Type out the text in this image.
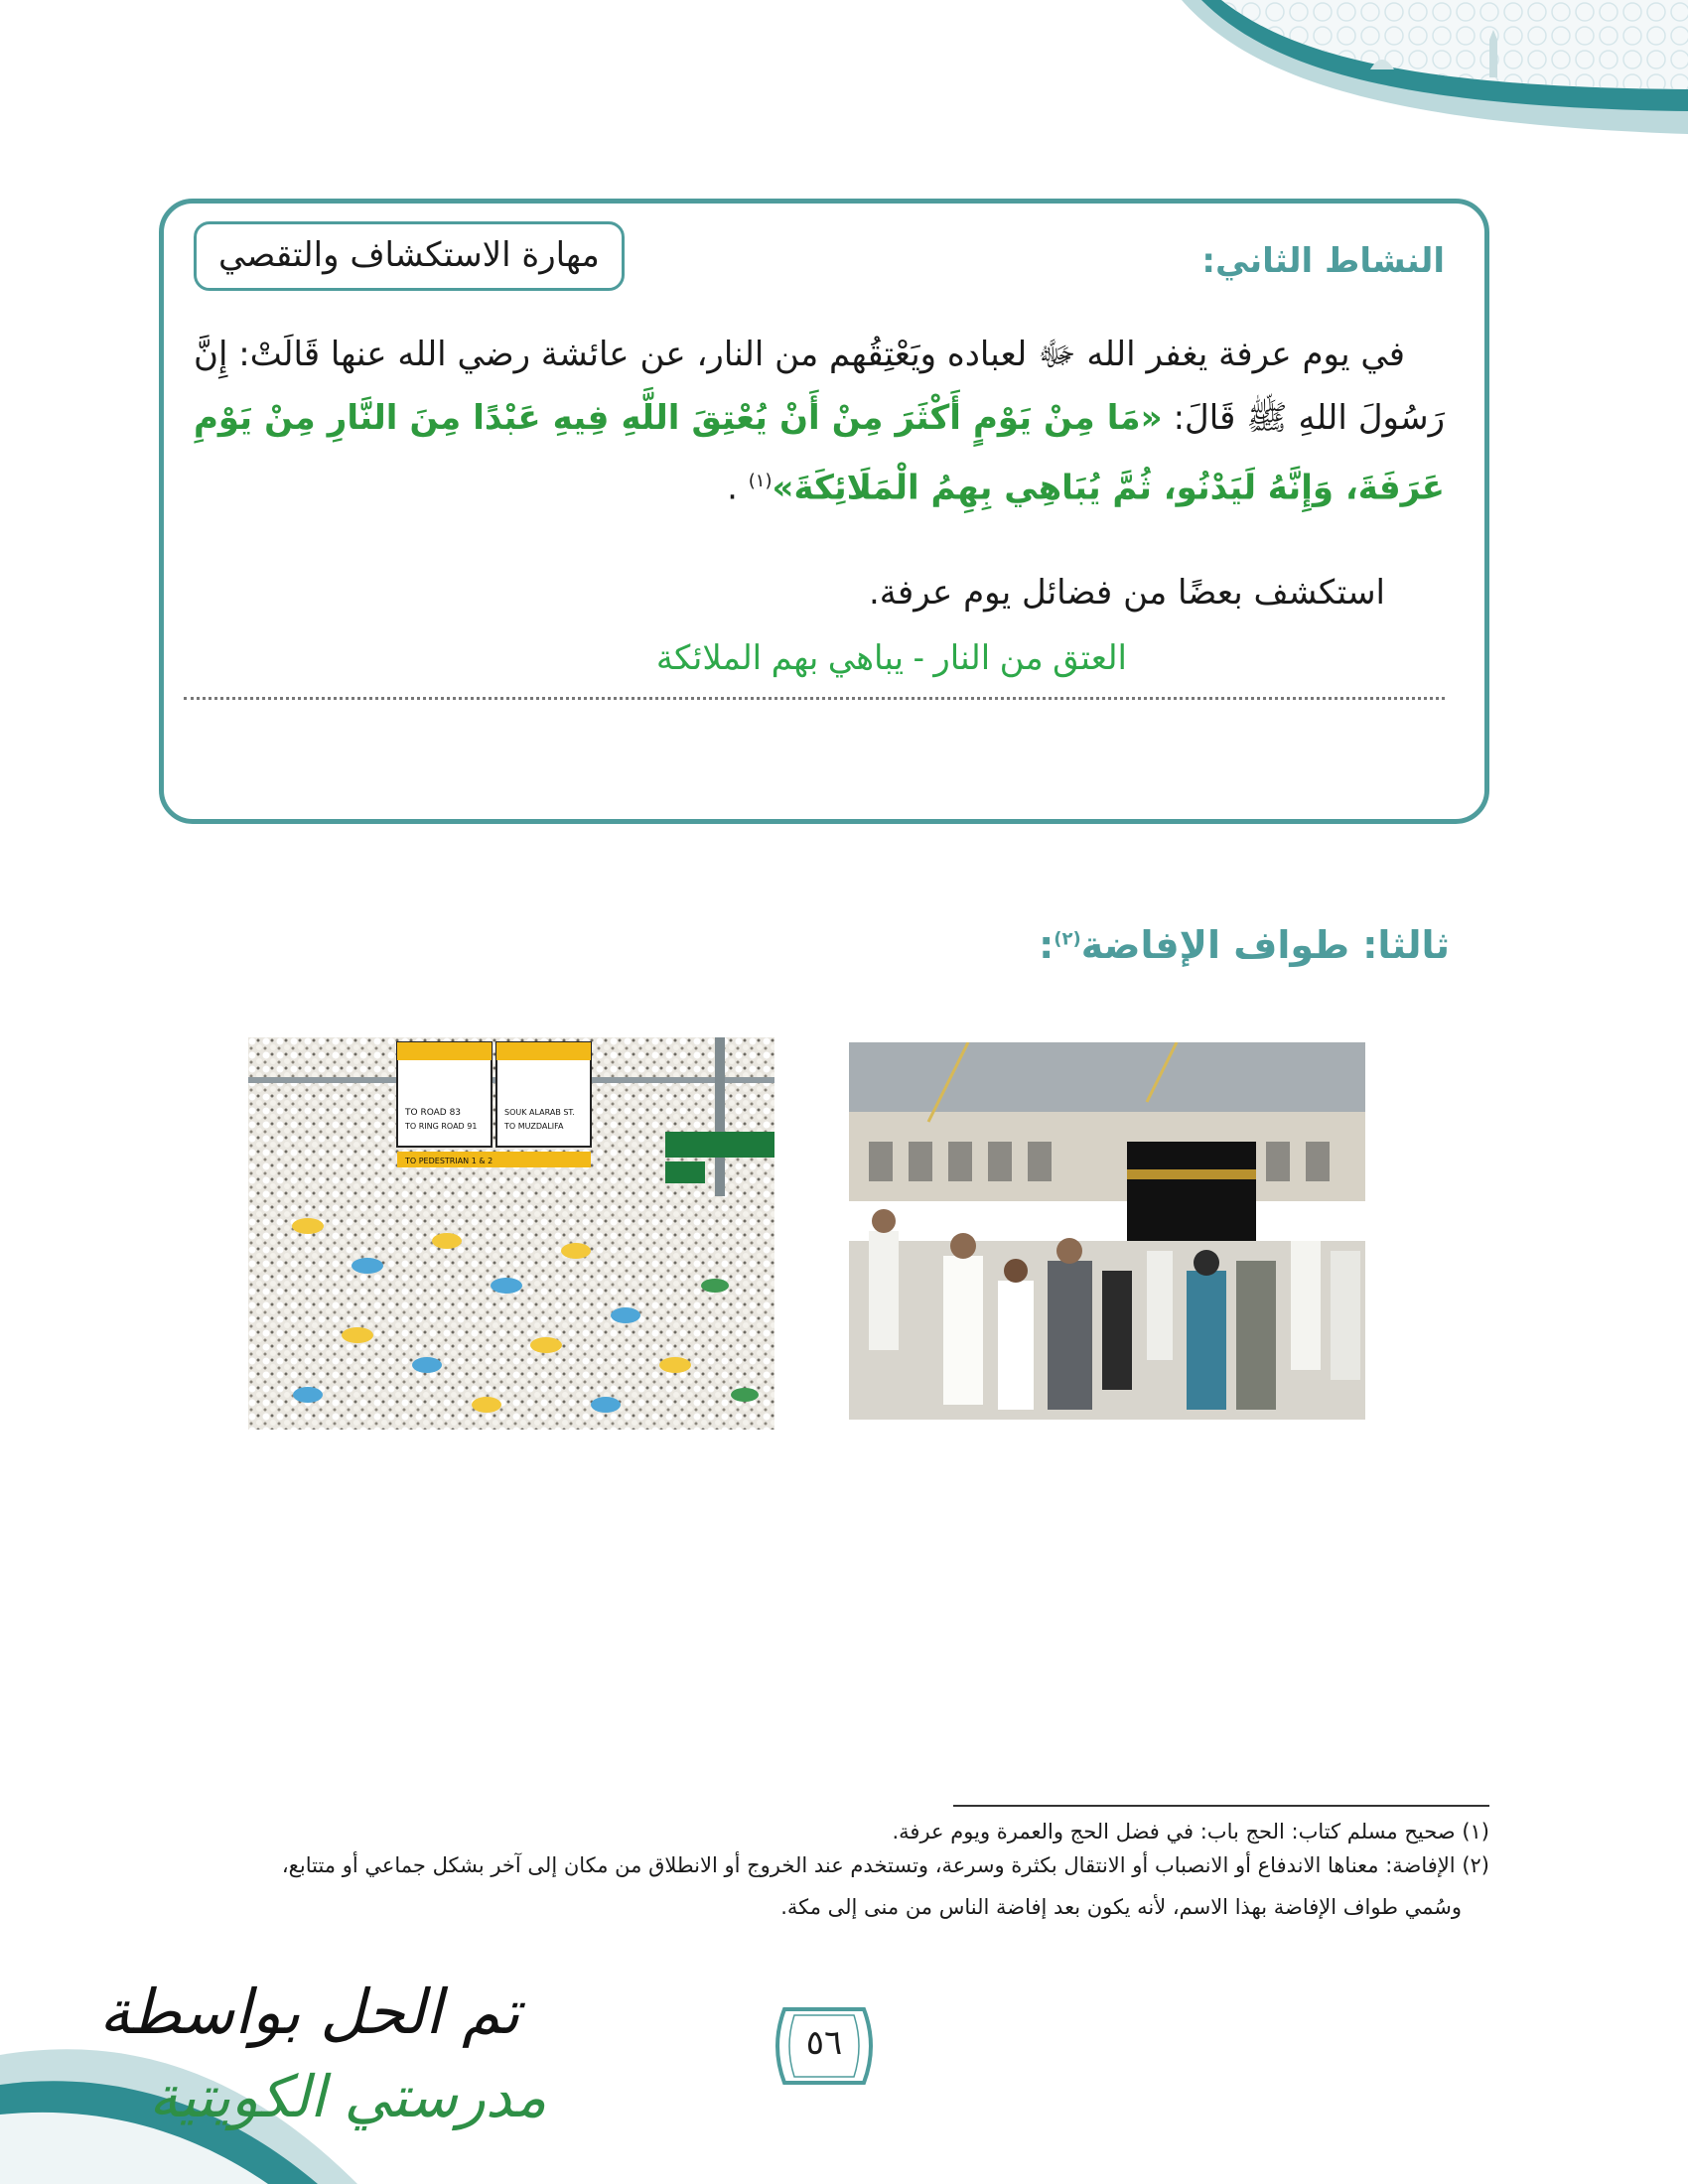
النشاط الثاني:
مهارة الاستكشاف والتقصي
في يوم عرفة يغفر الله ﷻ لعباده ويَعْتِقُهم من النار، عن عائشة رضي الله عنها قَالَتْ: إِنَّ رَسُولَ اللهِ ﷺ قَالَ: «مَا مِنْ يَوْمٍ أَكْثَرَ مِنْ أَنْ يُعْتِقَ اللَّهِ فِيهِ عَبْدًا مِنَ النَّارِ مِنْ يَوْمِ عَرَفَةَ، وَإِنَّهُ لَيَدْنُو، ثُمَّ يُبَاهِي بِهِمُ الْمَلَائِكَةَ»$^{(١)}$ .
استكشف بعضًا من فضائل يوم عرفة.
العتق من النار - يباهي بهم الملائكة
ثالثا: طواف الإفاضة$^{(٢)}$:
TO ROAD 83
TO RING ROAD 91
SOUK ALARAB ST.
TO MUZDALIFA
TO PEDESTRIAN 1 & 2
(١) صحيح مسلم كتاب: الحج باب: في فضل الحج والعمرة ويوم عرفة.
(٢) الإفاضة: معناها الاندفاع أو الانصباب أو الانتقال بكثرة وسرعة، وتستخدم عند الخروج أو الانطلاق من مكان إلى آخر بشكل جماعي أو متتابع،
وسُمي طواف الإفاضة بهذا الاسم، لأنه يكون بعد إفاضة الناس من منى إلى مكة.
٥٦
تم الحل بواسطة
مدرستي الكويتية
